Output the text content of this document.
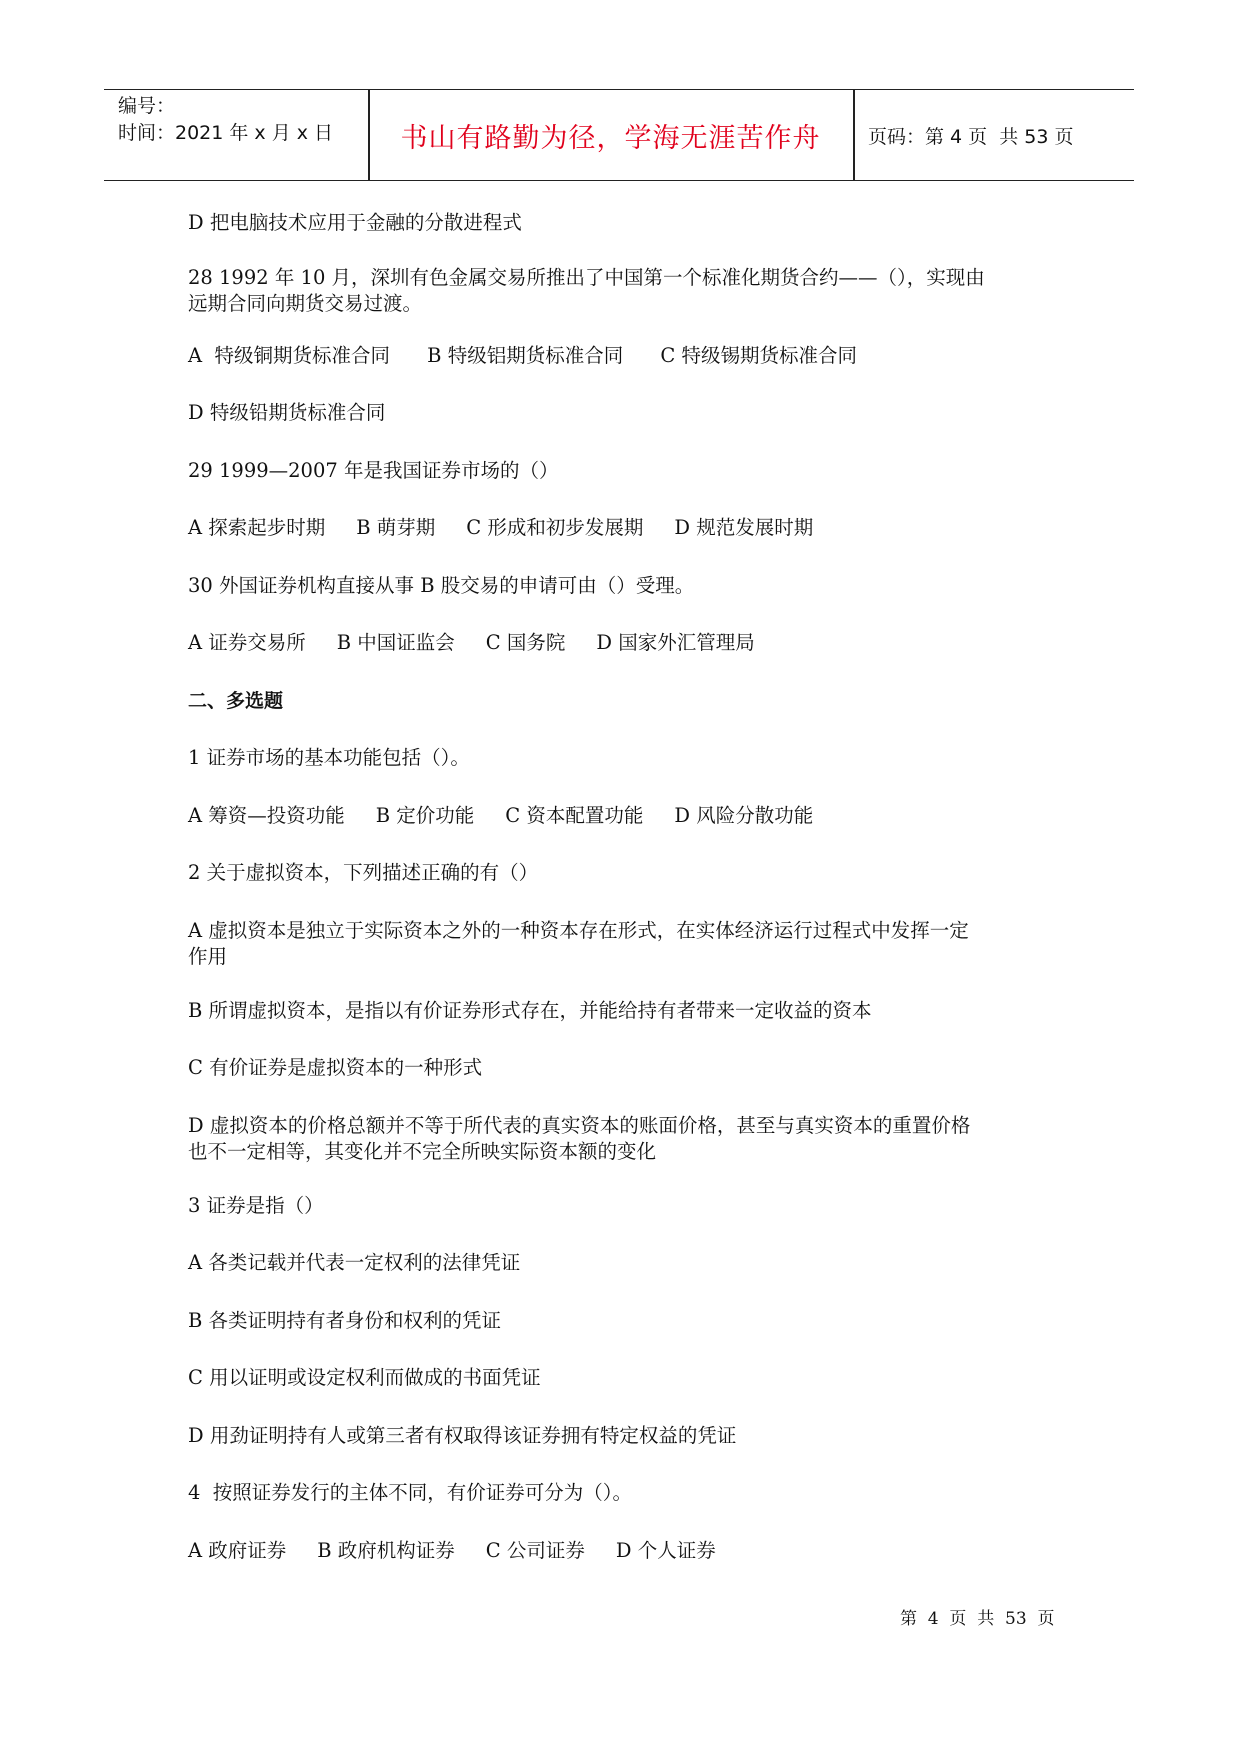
编号：
时间：2021 年 x 月 x 日	书山有路勤为径，学海无涯苦作舟	页码：第 4 页  共 53 页

D 把电脑技术应用于金融的分散进程式

28 1992 年 10 月，深圳有色金属交易所推出了中国第一个标准化期货合约——（），实现由
远期合同向期货交易过渡。

A  特级铜期货标准合同      B 特级铝期货标准合同      C 特级锡期货标准合同

D 特级铅期货标准合同

29 1999—2007 年是我国证券市场的（）

A 探索起步时期     B 萌芽期     C 形成和初步发展期     D 规范发展时期

30 外国证券机构直接从事 B 股交易的申请可由（）受理。

A 证券交易所     B 中国证监会     C 国务院     D 国家外汇管理局

二、多选题

1 证券市场的基本功能包括（）。

A 筹资—投资功能     B 定价功能     C 资本配置功能     D 风险分散功能

2 关于虚拟资本，下列描述正确的有（）

A 虚拟资本是独立于实际资本之外的一种资本存在形式，在实体经济运行过程式中发挥一定
作用

B 所谓虚拟资本，是指以有价证券形式存在，并能给持有者带来一定收益的资本

C 有价证券是虚拟资本的一种形式

D 虚拟资本的价格总额并不等于所代表的真实资本的账面价格，甚至与真实资本的重置价格
也不一定相等，其变化并不完全所映实际资本额的变化

3 证券是指（）

A 各类记载并代表一定权利的法律凭证

B 各类证明持有者身份和权利的凭证

C 用以证明或设定权利而做成的书面凭证

D 用劲证明持有人或第三者有权取得该证券拥有特定权益的凭证

4  按照证券发行的主体不同，有价证券可分为（）。

A 政府证券     B 政府机构证券     C 公司证券     D 个人证券

第  4  页  共  53  页
